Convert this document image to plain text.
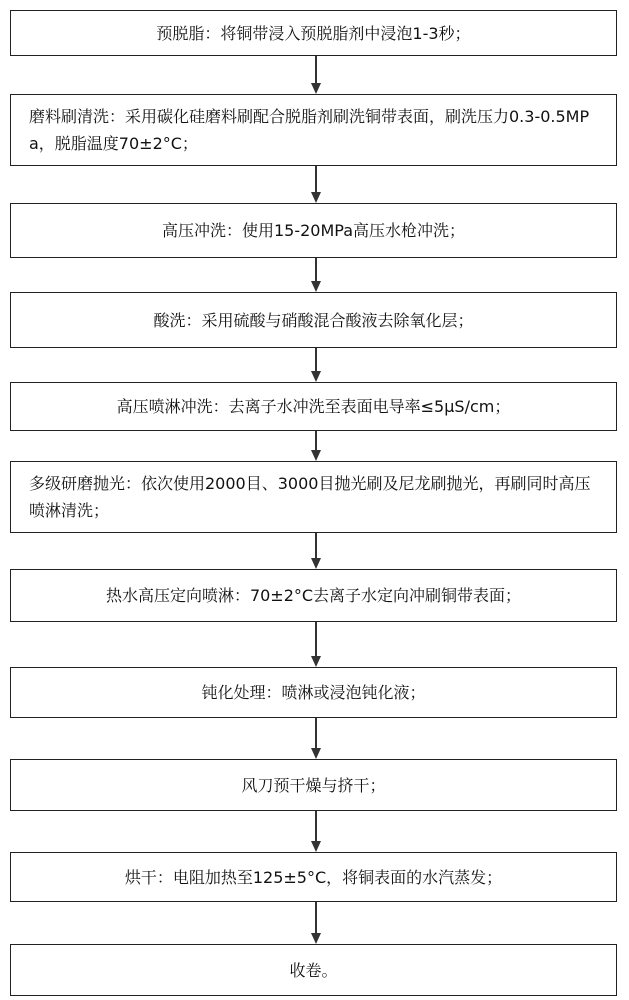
预脱脂：将铜带浸入预脱脂剂中浸泡1-3秒；
磨料刷清洗：采用碳化硅磨料刷配合脱脂剂刷洗铜带表面，刷洗压力0.3-0.5MPa，脱脂温度70±2°C；
高压冲洗：使用15-20MPa高压水枪冲洗；
酸洗：采用硫酸与硝酸混合酸液去除氧化层；
高压喷淋冲洗：去离子水冲洗至表面电导率≤5μS/cm；
多级研磨抛光：依次使用2000目、3000目抛光刷及尼龙刷抛光，再刷同时高压喷淋清洗；
热水高压定向喷淋：70±2°C去离子水定向冲刷铜带表面；
钝化处理：喷淋或浸泡钝化液；
风刀预干燥与挤干；
烘干：电阻加热至125±5°C，将铜表面的水汽蒸发；
收卷。
